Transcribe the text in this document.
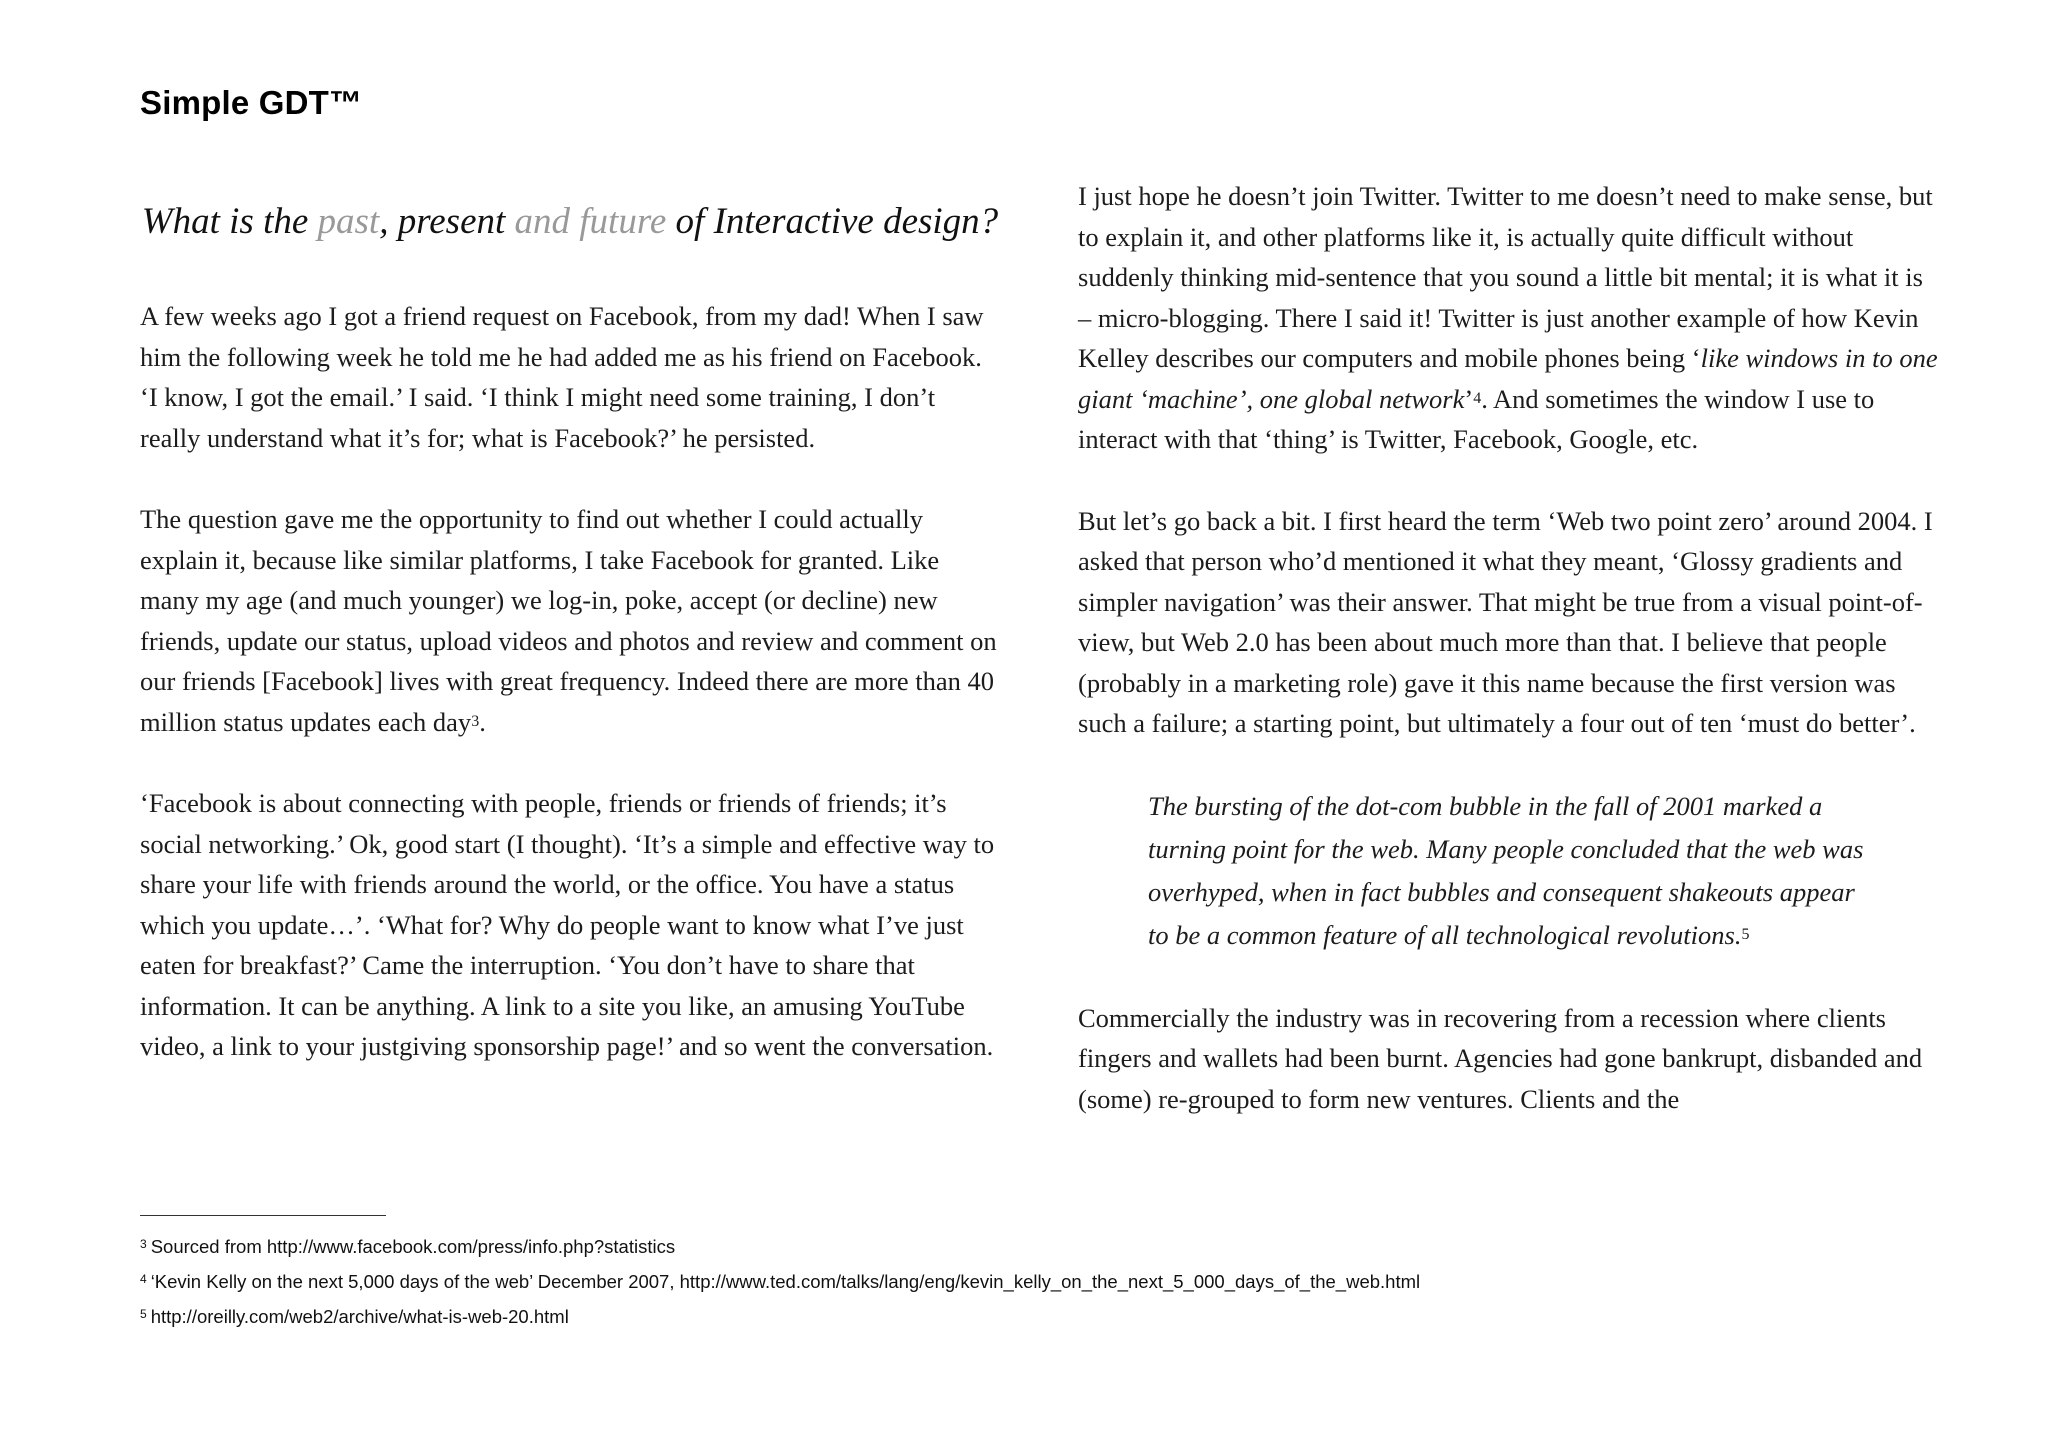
Simple GDT™
What is the past, present and future of Interactive design?

A few weeks ago I got a friend request on Facebook, from my dad! When I saw him the following week he told me he had added me as his friend on Facebook. ‘I know, I got the email.’ I said. ‘I think I might need some training, I don’t really understand what it’s for; what is Facebook?’ he persisted.

The question gave me the opportunity to find out whether I could actually explain it, because like similar platforms, I take Facebook for granted. Like many my age (and much younger) we log-in, poke, accept (or decline) new friends, update our status, upload videos and photos and review and comment on our friends [Facebook] lives with great frequency. Indeed there are more than 40 million status updates each day$^3$.

‘Facebook is about connecting with people, friends or friends of friends; it’s social networking.’ Ok, good start (I thought). ‘It’s a simple and effective way to share your life with friends around the world, or the office. You have a status which you update…’. ‘What for? Why do people want to know what I’ve just eaten for breakfast?’ Came the interruption. ‘You don’t have to share that information. It can be anything. A link to a site you like, an amusing YouTube video, a link to your justgiving sponsorship page!’ and so went the conversation.

I just hope he doesn’t join Twitter. Twitter to me doesn’t need to make sense, but to explain it, and other platforms like it, is actually quite difficult without suddenly thinking mid-sentence that you sound a little bit mental; it is what it is – micro-blogging. There I said it! Twitter is just another example of how Kevin Kelley describes our computers and mobile phones being ‘like windows in to one giant ‘machine’, one global network’$^4$. And sometimes the window I use to interact with that ‘thing’ is Twitter, Facebook, Google, etc.

But let’s go back a bit. I first heard the term ‘Web two point zero’ around 2004. I asked that person who’d mentioned it what they meant, ‘Glossy gradients and simpler navigation’ was their answer. That might be true from a visual point-of-view, but Web 2.0 has been about much more than that. I believe that people (probably in a marketing role) gave it this name because the first version was such a failure; a starting point, but ultimately a four out of ten ‘must do better’.

The bursting of the dot-com bubble in the fall of 2001 marked a turning point for the web. Many people concluded that the web was overhyped, when in fact bubbles and consequent shakeouts appear to be a common feature of all technological revolutions.$^5$

Commercially the industry was in recovering from a recession where clients fingers and wallets had been burnt. Agencies had gone bankrupt, disbanded and (some) re-grouped to form new ventures. Clients and the

$^3$ Sourced from http://www.facebook.com/press/info.php?statistics
$^4$ ‘Kevin Kelly on the next 5,000 days of the web’ December 2007, http://www.ted.com/talks/lang/eng/kevin_kelly_on_the_next_5_000_days_of_the_web.html
$^5$ http://oreilly.com/web2/archive/what-is-web-20.html
